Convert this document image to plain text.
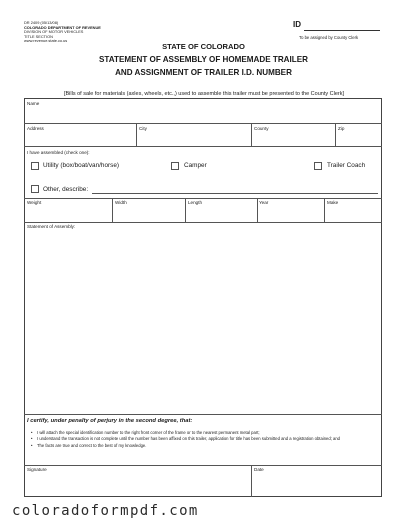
DR 2409 (05/13/08)
COLORADO DEPARTMENT OF REVENUE
DIVISION OF MOTOR VEHICLES
TITLE SECTION
www.revenue.state.co.us
ID
To be assigned by County Clerk
STATE OF COLORADO
STATEMENT OF ASSEMBLY OF HOMEMADE TRAILER
AND ASSIGNMENT OF TRAILER I.D. NUMBER
[Bills of sale for materials (axles, wheels, etc.,) used to assemble this trailer must be presented to the County Clerk]
Name
Address	City	County	Zip
I have assembled (check one):
Utility (box/boat/van/horse)	Camper	Trailer Coach
Other, describe:
Weight	Width	Length	Year	Make
Statement of Assembly:
I certify, under penalty of perjury in the second degree, that:
• I will attach the special identification number to the right front corner of the frame or to the nearest permanent metal part;
• I understand the transaction is not complete until the number has been affixed on this trailer, application for title has been submitted and a registration obtained; and
• The facts are true and correct to the best of my knowledge.
Signature	Date
coloradoformpdf.com
